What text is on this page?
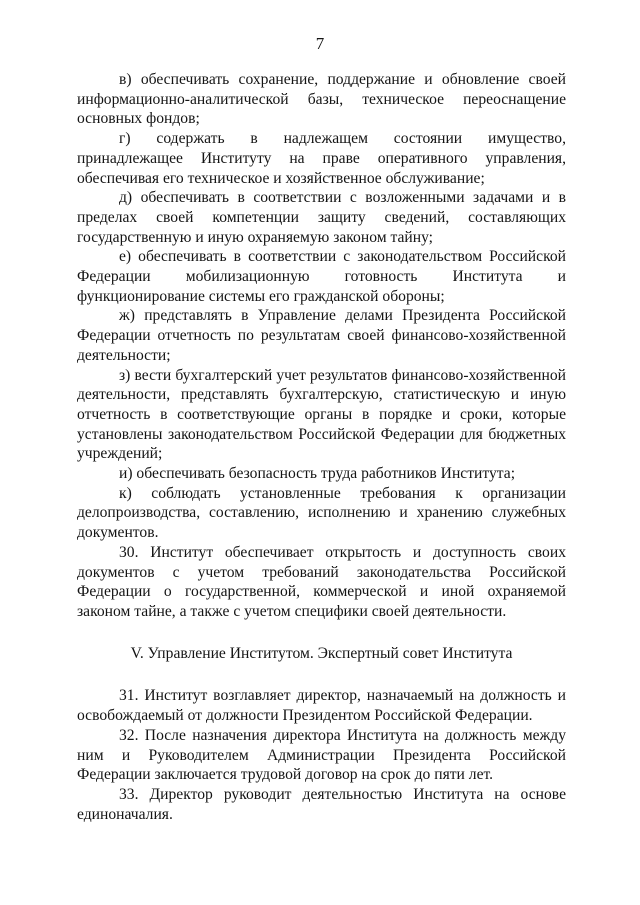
7

в) обеспечивать сохранение, поддержание и обновление своей информационно-аналитической базы, техническое переоснащение основных фондов;

г) содержать в надлежащем состоянии имущество, принадлежащее Институту на праве оперативного управления, обеспечивая его техническое и хозяйственное обслуживание;

д) обеспечивать в соответствии с возложенными задачами и в пределах своей компетенции защиту сведений, составляющих государственную и иную охраняемую законом тайну;

е) обеспечивать в соответствии с законодательством Российской Федерации мобилизационную готовность Института и функционирование системы его гражданской обороны;

ж) представлять в Управление делами Президента Российской Федерации отчетность по результатам своей финансово-хозяйственной деятельности;

з) вести бухгалтерский учет результатов финансово-хозяйственной деятельности, представлять бухгалтерскую, статистическую и иную отчетность в соответствующие органы в порядке и сроки, которые установлены законодательством Российской Федерации для бюджетных учреждений;

и) обеспечивать безопасность труда работников Института;

к) соблюдать установленные требования к организации делопроизводства, составлению, исполнению и хранению служебных документов.

30. Институт обеспечивает открытость и доступность своих документов с учетом требований законодательства Российской Федерации о государственной, коммерческой и иной охраняемой законом тайне, а также с учетом специфики своей деятельности.

V. Управление Институтом. Экспертный совет Института

31. Институт возглавляет директор, назначаемый на должность и освобождаемый от должности Президентом Российской Федерации.

32. После назначения директора Института на должность между ним и Руководителем Администрации Президента Российской Федерации заключается трудовой договор на срок до пяти лет.

33. Директор руководит деятельностью Института на основе единоначалия.
